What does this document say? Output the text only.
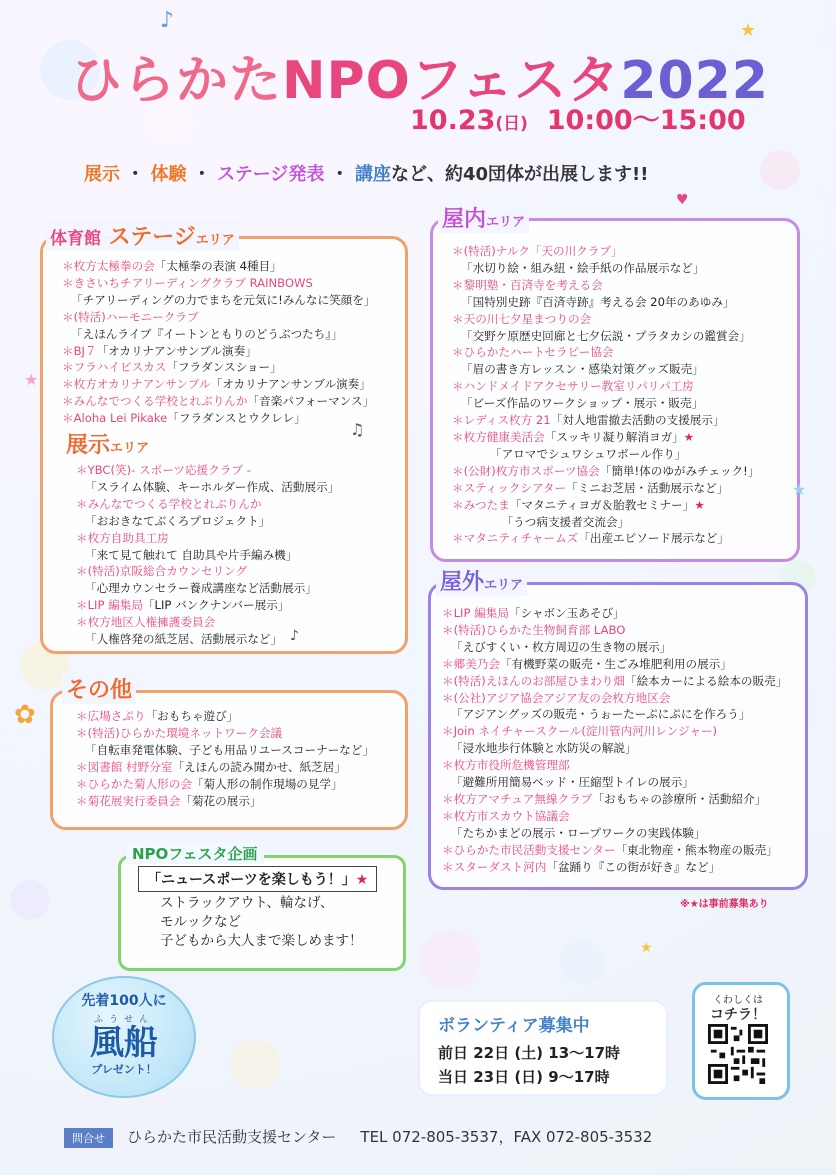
ひらかたNPOフェスタ2022
10.23(日) 10:00～15:00
展示 ・ 体験 ・ ステージ発表 ・ 講座など、約40団体が出展します!!
体育館 ステージエリア
＊枚方太極拳の会「太極拳の表演 4種目」
＊きさいちチアリーディングクラブ RAINBOWS
「チアリーディングの力でまちを元気に!みんなに笑顔を」
＊(特活)ハーモニークラブ
「えほんライブ『イートンともりのどうぶつたち』」
＊BJ７「オカリナアンサンブル演奏」
＊フラハイビスカス「フラダンスショー」
＊枚方オカリナアンサンブル「オカリナアンサンブル演奏」
＊みんなでつくる学校とれぶりんか「音楽パフォーマンス」
＊Aloha Lei Pikake「フラダンスとウクレレ」
展示エリア
＊YBC(笑)- スポーツ応援クラブ -
「スライム体験、キーホルダー作成、活動展示」
＊みんなでつくる学校とれぶりんか
「おおきなてぶくろプロジェクト」
＊枚方自助具工房
「来て見て触れて 自助具や片手編み機」
＊(特活)京阪総合カウンセリング
「心理カウンセラー養成講座など活動展示」
＊LIP 編集局「LIP バンクナンバー展示」
＊枚方地区人権擁護委員会
「人権啓発の紙芝居、活動展示など」
その他
＊広場さぷり「おもちゃ遊び」
＊(特活)ひらかた環境ネットワーク会議
「自転車発電体験、子ども用品リユースコーナーなど」
＊図書館 村野分室「えほんの読み聞かせ、紙芝居」
＊ひらかた菊人形の会「菊人形の制作現場の見学」
＊菊花展実行委員会「菊花の展示」
屋内エリア
＊(特活)ナルク「天の川クラブ」
「水切り絵・組み紐・絵手紙の作品展示など」
＊黎明塾・百済寺を考える会
「国特別史跡『百済寺跡』考える会 20年のあゆみ」
＊天の川七夕星まつりの会
「交野ケ原歴史回廊と七夕伝説・プラタカシの鑑賞会」
＊ひらかたハートセラピー協会
「眉の書き方レッスン・感染対策グッズ販売」
＊ハンドメイドアクセサリー教室リパリパ工房
「ビーズ作品のワークショップ・展示・販売」
＊レディス枚方 21「対人地雷撤去活動の支援展示」
＊枚方健康美活会「スッキリ凝り解消ヨガ」★
　　　「アロマでシュワシュワボール作り」
＊(公財)枚方市スポーツ協会「簡単!体のゆがみチェック!」
＊スティックシアター「ミニお芝居・活動展示など」
＊みつたま「マタニティヨガ＆胎教セミナー」★
　　　　「うつ病支援者交流会」
＊マタニティチャームズ「出産エピソード展示など」
屋外エリア
＊LIP 編集局「シャボン玉あそび」
＊(特活)ひらかた生物飼育部 LABO
「えびすくい・枚方周辺の生き物の展示」
＊郷美乃会「有機野菜の販売・生ごみ堆肥利用の展示」
＊(特活)えほんのお部屋ひまわり畑「絵本カーによる絵本の販売」
＊(公社)アジア協会アジア友の会枚方地区会
「アジアングッズの販売・うぉーたーぷにぷにを作ろう」
＊Join ネイチャースクール(淀川管内河川レンジャー)
「浸水地歩行体験と水防災の解説」
＊枚方市役所危機管理部
「避難所用簡易ベッド・圧縮型トイレの展示」
＊枚方アマチュア無線クラブ「おもちゃの診療所・活動紹介」
＊枚方市スカウト協議会
「たちかまどの展示・ロープワークの実践体験」
＊ひらかた市民活動支援センター「東北物産・熊本物産の販売」
＊スターダスト河内「盆踊り『この街が好き』など」
※★は事前募集あり
NPOフェスタ企画
「ニュースポーツを楽しもう！」★
ストラックアウト、輪なげ、
モルックなど
子どもから大人まで楽しめます！
先着100人に
ふうせん
風船
プレゼント！
ボランティア募集中
前日 22日 (土) 13～17時
当日 23日 (日) 9～17時
くわしくは
コチラ！
問合せ ひらかた市民活動支援センター TEL 072-805-3537，FAX 072-805-3532
♪	★
♥
♫
★
♪
★
✿
★
